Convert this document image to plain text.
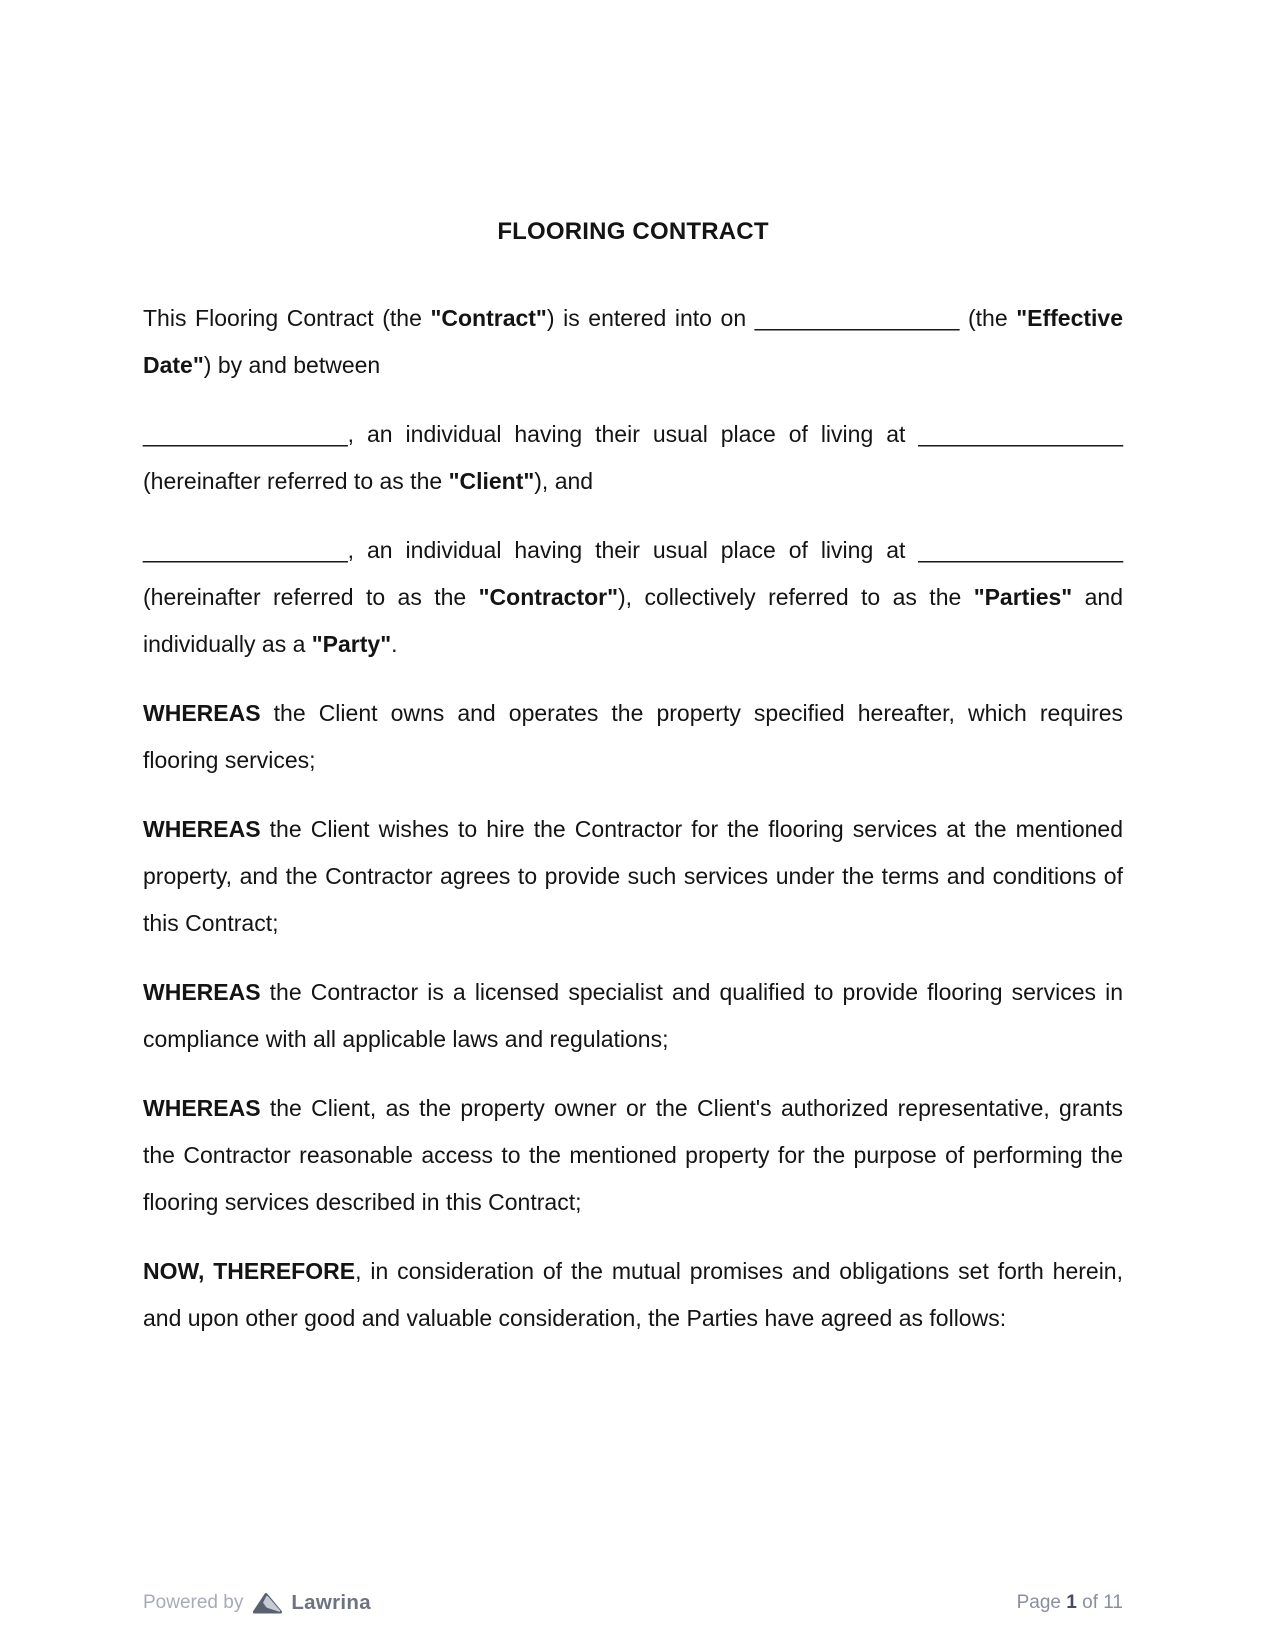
FLOORING CONTRACT

This Flooring Contract (the "Contract") is entered into on ________________ (the "Effective Date") by and between

________________, an individual having their usual place of living at ________________ (hereinafter referred to as the "Client"), and

________________, an individual having their usual place of living at ________________ (hereinafter referred to as the "Contractor"), collectively referred to as the "Parties" and individually as a "Party".

WHEREAS the Client owns and operates the property specified hereafter, which requires flooring services;

WHEREAS the Client wishes to hire the Contractor for the flooring services at the mentioned property, and the Contractor agrees to provide such services under the terms and conditions of this Contract;

WHEREAS the Contractor is a licensed specialist and qualified to provide flooring services in compliance with all applicable laws and regulations;

WHEREAS the Client, as the property owner or the Client's authorized representative, grants the Contractor reasonable access to the mentioned property for the purpose of performing the flooring services described in this Contract;

NOW, THEREFORE, in consideration of the mutual promises and obligations set forth herein, and upon other good and valuable consideration, the Parties have agreed as follows:

Powered by Lawrina	Page 1 of 11
